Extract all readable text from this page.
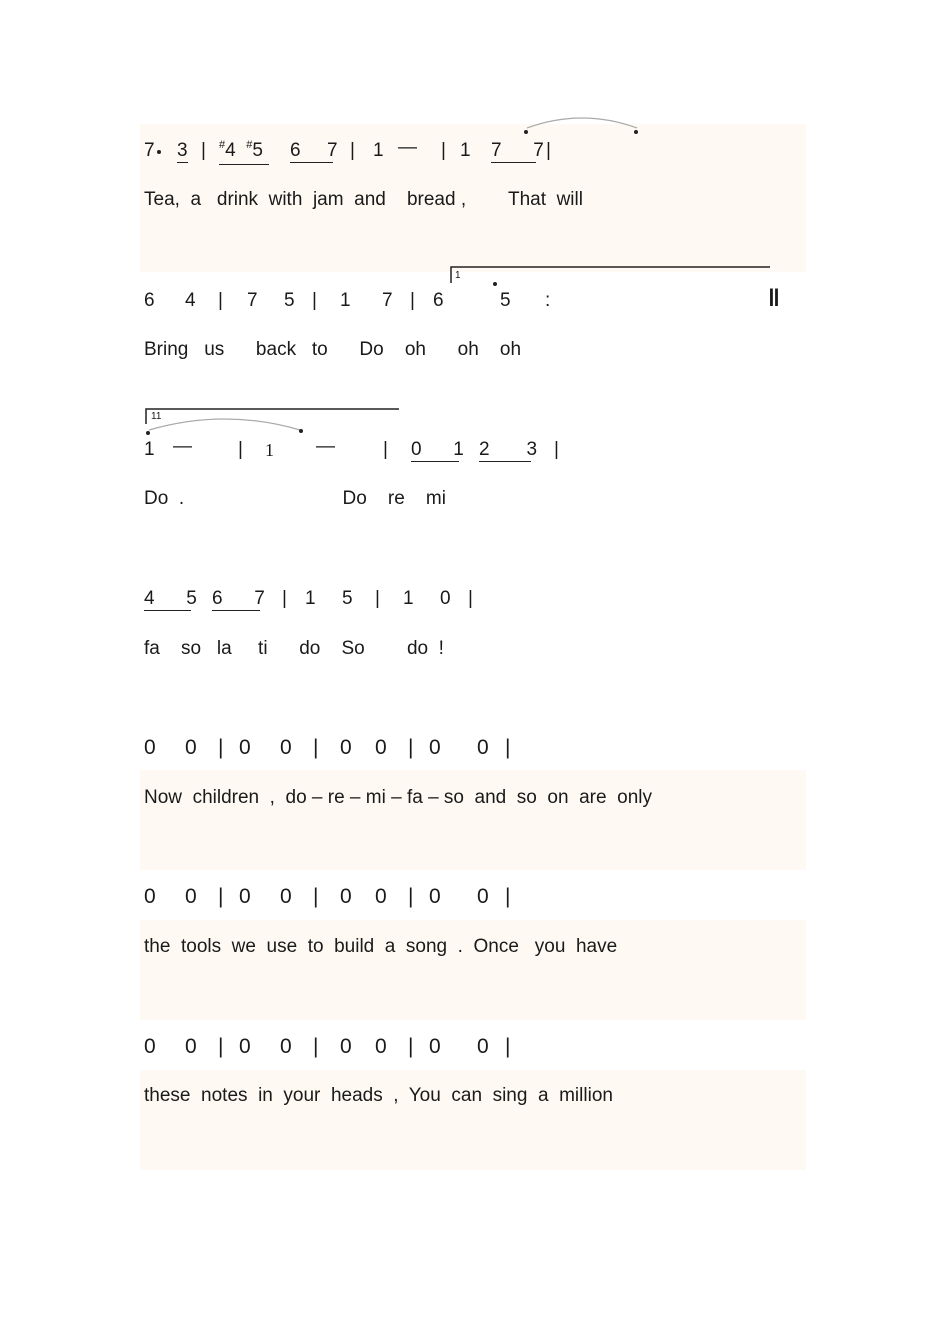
7 3 | #4 #5	6 7 | 1 — | 1 7 7 |
Tea,  a   drink  with  jam  and    bread ,        That  will
6 4 | 7 5 | 1 7 | 6
1
5 :	‖
Bring   us      back   to      Do    oh      oh    oh
11
1 — | 1 —	| 0 1 2 3 |
Do  .                              Do    re    mi
4 5 6 7 | 1 5 | 1 0 |
fa    so   la     ti      do    So        do  !
0 0 | 0 0 | 0 0 | 0 0 |
Now  children  ,  do – re – mi – fa – so  and  so  on  are  only
0 0 | 0 0 | 0 0 | 0 0 |
the  tools  we  use  to  build  a  song  .  Once   you  have
0 0 | 0 0 | 0 0 | 0 0 |
these  notes  in  your  heads  ,  You  can  sing  a  million
